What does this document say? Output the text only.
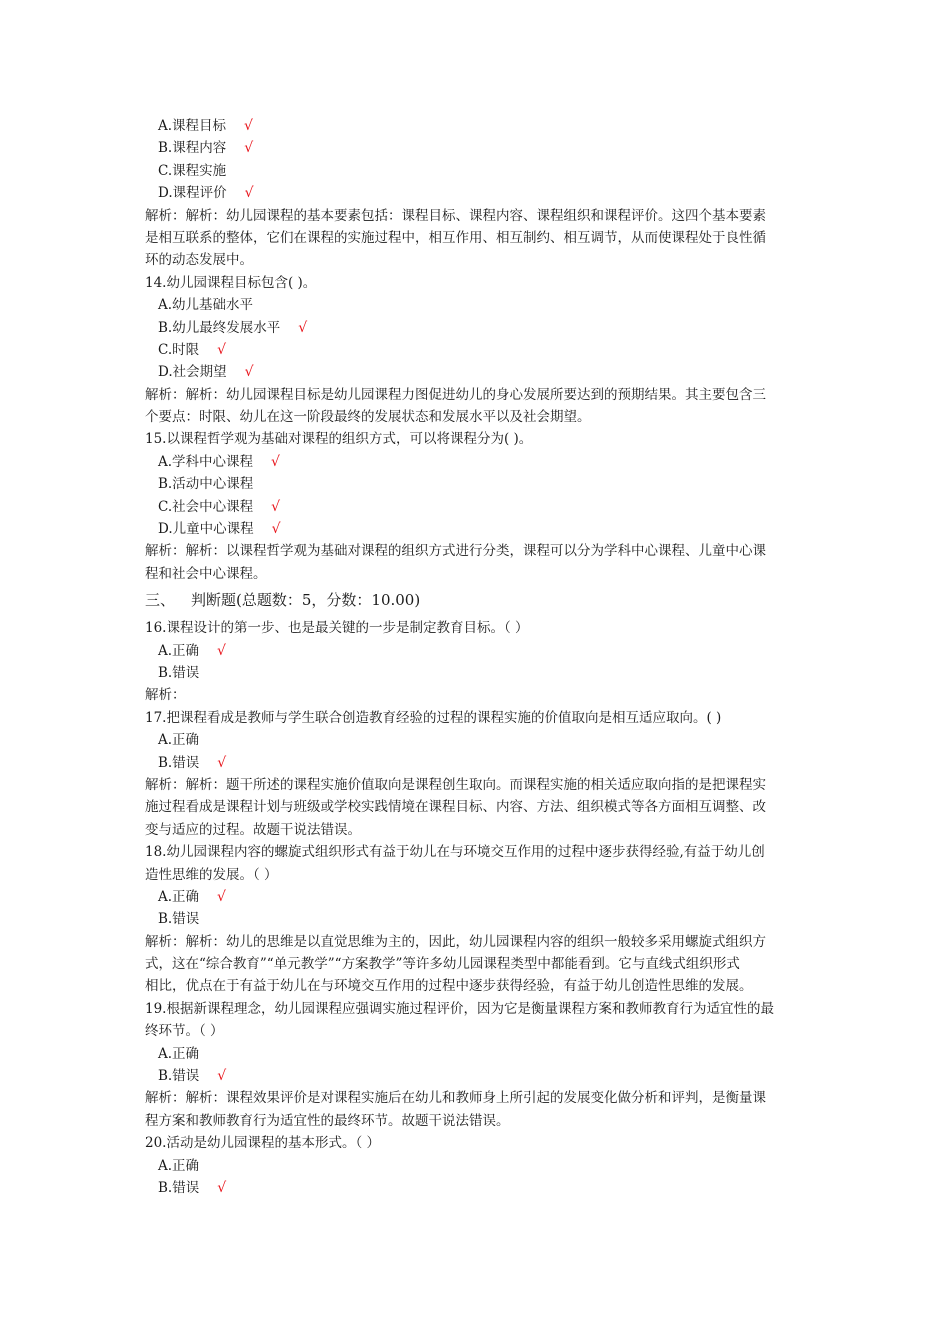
A.课程目标 √
B.课程内容 √
C.课程实施
D.课程评价 √
解析：解析：幼儿园课程的基本要素包括：课程目标、课程内容、课程组织和课程评价。这四个基本要素
是相互联系的整体，它们在课程的实施过程中，相互作用、相互制约、相互调节，从而使课程处于良性循
环的动态发展中。
14.幼儿园课程目标包含( )。
A.幼儿基础水平
B.幼儿最终发展水平 √
C.时限 √
D.社会期望 √
解析：解析：幼儿园课程目标是幼儿园课程力图促进幼儿的身心发展所要达到的预期结果。其主要包含三
个要点：时限、幼儿在这一阶段最终的发展状态和发展水平以及社会期望。
15.以课程哲学观为基础对课程的组织方式，可以将课程分为( )。
A.学科中心课程 √
B.活动中心课程
C.社会中心课程 √
D.儿童中心课程 √
解析：解析：以课程哲学观为基础对课程的组织方式进行分类，课程可以分为学科中心课程、儿童中心课
程和社会中心课程。
三、 判断题(总题数：5，分数：10.00)
16.课程设计的第一步、也是最关键的一步是制定教育目标。（ ）
A.正确 √
B.错误
解析：
17.把课程看成是教师与学生联合创造教育经验的过程的课程实施的价值取向是相互适应取向。( )
A.正确
B.错误 √
解析：解析：题干所述的课程实施价值取向是课程创生取向。而课程实施的相关适应取向指的是把课程实
施过程看成是课程计划与班级或学校实践情境在课程目标、内容、方法、组织模式等各方面相互调整、改
变与适应的过程。故题干说法错误。
18.幼儿园课程内容的螺旋式组织形式有益于幼儿在与环境交互作用的过程中逐步获得经验,有益于幼儿创
造性思维的发展。（ ）
A.正确 √
B.错误
解析：解析：幼儿的思维是以直觉思维为主的，因此，幼儿园课程内容的组织一般较多采用螺旋式组织方
式，这在“综合教育”“单元教学”“方案教学”等许多幼儿园课程类型中都能看到。它与直线式组织形式
相比，优点在于有益于幼儿在与环境交互作用的过程中逐步获得经验，有益于幼儿创造性思维的发展。
19.根据新课程理念，幼儿园课程应强调实施过程评价，因为它是衡量课程方案和教师教育行为适宜性的最
终环节。（ ）
A.正确
B.错误 √
解析：解析：课程效果评价是对课程实施后在幼儿和教师身上所引起的发展变化做分析和评判，是衡量课
程方案和教师教育行为适宜性的最终环节。故题干说法错误。
20.活动是幼儿园课程的基本形式。（ ）
A.正确
B.错误 √
